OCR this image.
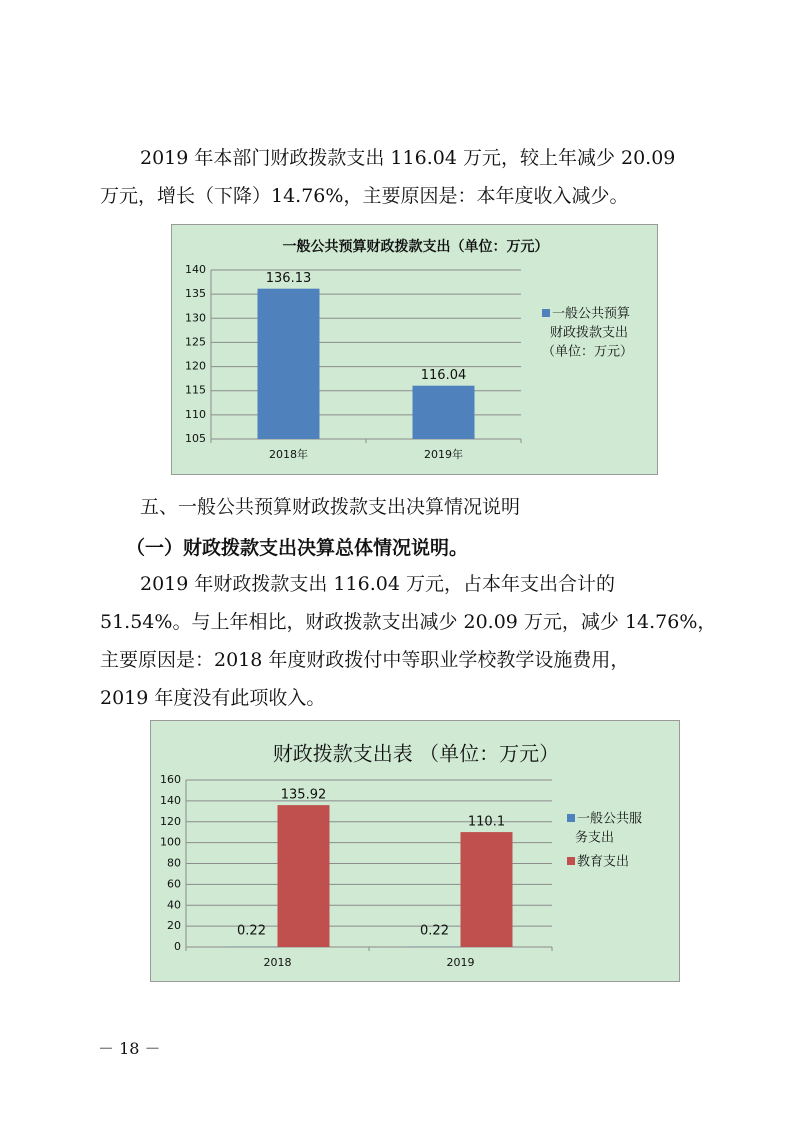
2019 年本部门财政拨款支出 116.04 万元，较上年减少 20.09
万元，增长（下降）14.76%，主要原因是：本年度收入减少。
一般公共预算财政拨款支出（单位：万元）
105
110
115
120
125
130
135
140
2018年
136.13
2019年
116.04
一般公共预算
财政拨款支出
（单位：万元）
五、一般公共预算财政拨款支出决算情况说明
（一）财政拨款支出决算总体情况说明。
2019 年财政拨款支出 116.04 万元，占本年支出合计的
51.54%。与上年相比，财政拨款支出减少 20.09 万元，减少 14.76%，
主要原因是：2018 年度财政拨付中等职业学校教学设施费用，
2019 年度没有此项收入。
财政拨款支出表 （单位：万元）
0
20
40
60
80
100
120
140
160
2018
0.22
135.92
2019
0.22
110.1	一般公共服
务支出
教育支出
－ 18 －
